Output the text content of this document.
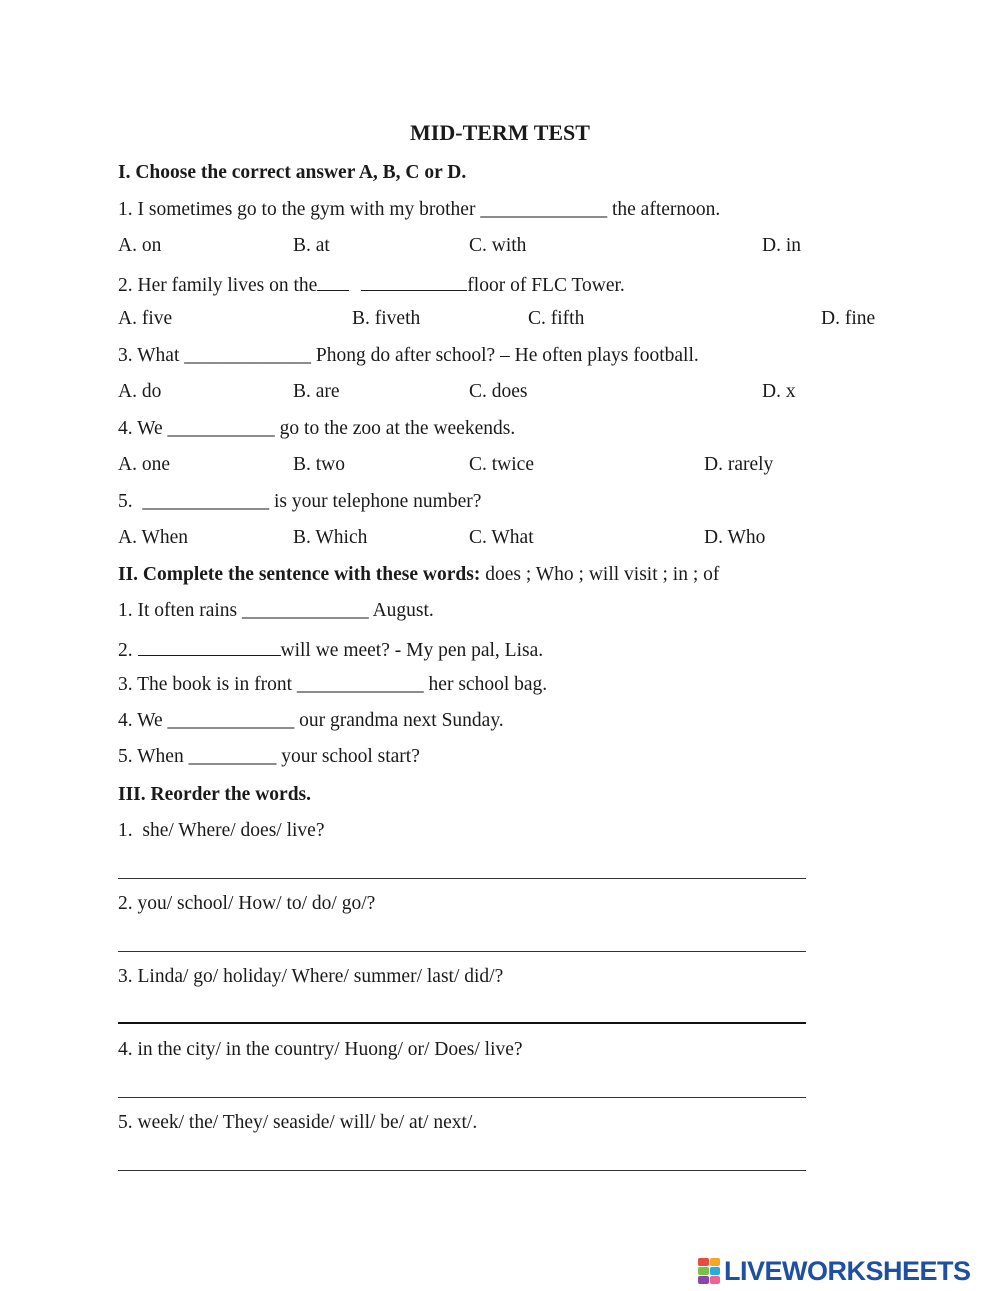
MID-TERM TEST
I. Choose the correct answer A, B, C or D.
1. I sometimes go to the gym with my brother _____________ the afternoon.
A. on	B. at	C. with	D. in
2. Her family lives on the	floor of FLC Tower.
A. five	B. fiveth	C. fifth	D. fine
3. What _____________ Phong do after school? – He often plays football.
A. do	B. are	C. does	D. x
4. We ___________ go to the zoo at the weekends.
A. one	B. two	C. twice	D. rarely
5.  _____________ is your telephone number?
A. When	B. Which	C. What	D. Who
II. Complete the sentence with these words: does ; Who ; will visit ; in ; of
1. It often rains _____________ August.
2.	will we meet? - My pen pal, Lisa.
3. The book is in front _____________ her school bag.
4. We _____________ our grandma next Sunday.
5. When _________ your school start?
III. Reorder the words.
1.  she/ Where/ does/ live?
2. you/ school/ How/ to/ do/ go/?
3. Linda/ go/ holiday/ Where/ summer/ last/ did/?
4. in the city/ in the country/ Huong/ or/ Does/ live?
5. week/ the/ They/ seaside/ will/ be/ at/ next/.
LIVEWORKSHEETS
